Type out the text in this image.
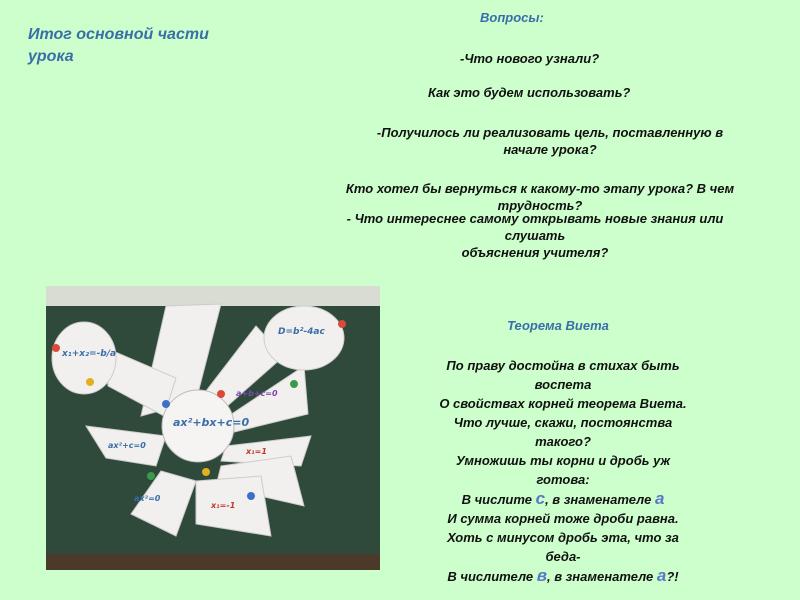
Итог основной части урока
Вопросы:
-Что нового узнали?
Как это будем использовать?
-Получилось ли реализовать цель, поставленную в
начале урока?
Кто хотел бы вернуться к какому-то этапу урока? В чем
трудность?
- Что интереснее самому открывать новые знания или
слушать
объяснения учителя?
ax²+bx+c=0
x₁+x₂=-b/a
D=b²-4ac
a+b+c=0
x₁=1
x₁=-1
ax²+c=0
ax²=0
Теорема Виета
По праву достойна в стихах быть
воспета
О свойствах корней теорема Виета.
Что лучше, скажи, постоянства
такого?
Умножишь ты корни и дробь уж
готова:
В числите с, в знаменателе а
И сумма корней тоже дроби равна.
Хоть с минусом дробь эта, что за
беда-
В числителе в, в знаменателе а?!
